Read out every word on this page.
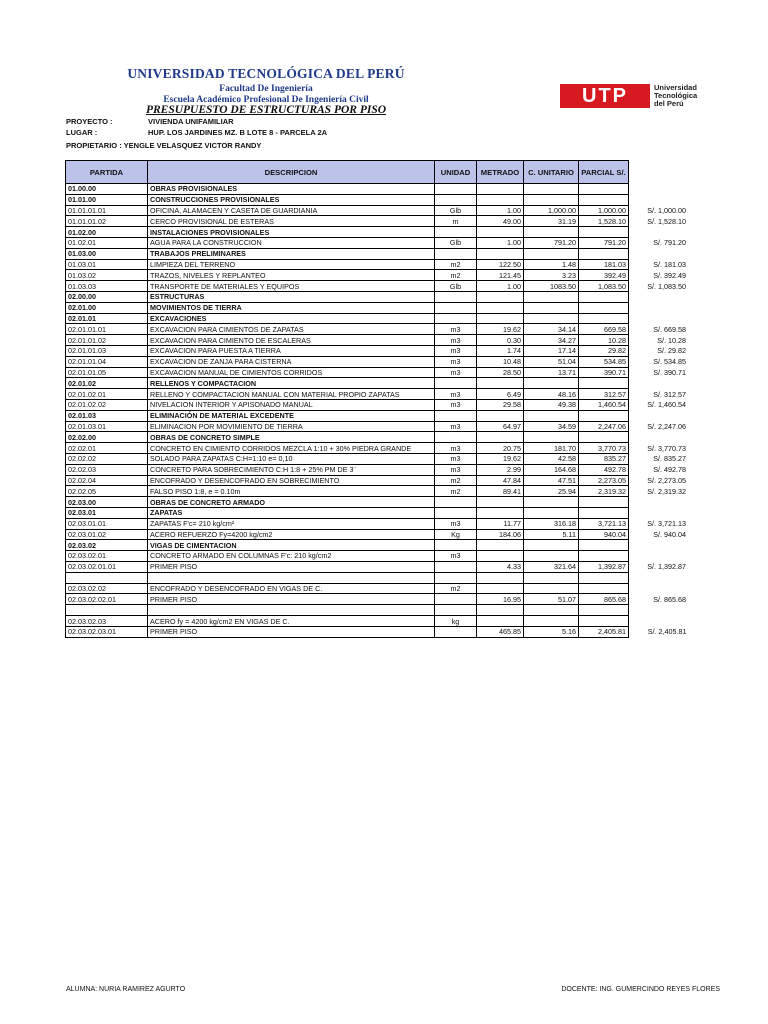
UNIVERSIDAD TECNOLÓGICA DEL PERÚ
Facultad De Ingeniería
Escuela Académico Profesional De Ingeniería Civil
PRESUPUESTO DE ESTRUCTURAS POR PISO
UTP	Universidad
Tecnológica
del Perú
PROYECTO :	VIVIENDA UNIFAMILIAR
LUGAR :	HUP. LOS JARDINES MZ. B LOTE 8 - PARCELA 2A
PROPIETARIO : YENGLE VELASQUEZ VICTOR RANDY
PARTIDA	DESCRIPCION	UNIDAD	METRADO	C. UNITARIO	PARCIAL S/.	
01.00.00	OBRAS PROVISIONALES					
01.01.00	CONSTRUCCIONES PROVISIONALES					
01.01.01.01	OFICINA, ALAMACEN Y CASETA DE GUARDIANIA	Glb	1.00	1,000.00	1,000.00	S/. 1,000.00
01.01.01.02	CERCO PROVISIONAL DE ESTERAS	m	49.00	31.19	1,528.10	S/. 1,528.10
01.02.00	INSTALACIONES PROVISIONALES					
01.02.01	AGUA PARA LA CONSTRUCCION	Glb	1.00	791.20	791.20	S/. 791.20
01.03.00	TRABAJOS PRELIMINARES					
01.03.01	LIMPIEZA DEL TERRENO	m2	122.50	1.48	181.03	S/. 181.03
01.03.02	TRAZOS, NIVELES Y REPLANTEO	m2	121.45	3.23	392.49	S/. 392.49
01.03.03	TRANSPORTE DE MATERIALES Y EQUIPOS	Glb	1.00	1083.50	1,083.50	S/. 1,083.50
02.00.00	ESTRUCTURAS					
02.01.00	MOVIMIENTOS DE TIERRA					
02.01.01	EXCAVACIONES					
02.01.01.01	EXCAVACION PARA CIMIENTOS DE ZAPATAS	m3	19.62	34.14	669.58	S/. 669.58
02.01.01.02	EXCAVACION PARA CIMIENTO DE ESCALERAS	m3	0.30	34.27	10.28	S/. 10.28
02.01.01.03	EXCAVACION PARA PUESTA A TIERRA	m3	1.74	17.14	29.82	S/. 29.82
02.01.01.04	EXCAVACION DE ZANJA PARA CISTERNA	m3	10.48	51.04	534.85	S/. 534.85
02.01.01.05	EXCAVACION MANUAL DE CIMIENTOS CORRIDOS	m3	28.50	13.71	390.71	S/. 390.71
02.01.02	RELLENOS Y COMPACTACION					
02.01.02.01	RELLENO Y COMPACTACION MANUAL CON MATERIAL PROPIO ZAPATAS	m3	6.49	48.16	312.57	S/. 312.57
02.01.02.02	NIVELACION INTERIOR Y APISONADO MANUAL	m3	29.58	49.38	1,460.54	S/. 1,460.54
02.01.03	ELIMINACIÓN DE MATERIAL EXCEDENTE					
02.01.03.01	ELIMINACION POR MOVIMIENTO DE TIERRA	m3	64.97	34.59	2,247.06	S/. 2,247.06
02.02.00	OBRAS DE CONCRETO SIMPLE					
02.02.01	CONCRETO EN CIMIENTO CORRIDOS MEZCLA 1:10 + 30% PIEDRA GRANDE	m3	20.75	181.70	3,770.73	S/. 3,770.73
02.02.02	SOLADO PARA ZAPATAS C:H=1:10 e= 0,10	m3	19.62	42.58	835.27	S/. 835.27
02.02.03	CONCRETO PARA SOBRECIMIENTO C:H 1:8 + 25% PM DE 3¨	m3	2.99	164.68	492.78	S/. 492.78
02.02.04	ENCOFRADO Y DESENCOFRADO EN SOBRECIMIENTO	m2	47.84	47.51	2,273.05	S/. 2,273.05
02.02.05	FALSO PISO 1:8, e = 0.10m	m2	89.41	25.94	2,319.32	S/. 2,319.32
02.03.00	OBRAS DE CONCRETO ARMADO					
02.03.01	ZAPATAS					
02.03.01.01	ZAPATAS F'c= 210 kg/cm²	m3	11.77	316.18	3,721.13	S/. 3,721.13
02.03.01.02	ACERO REFUERZO Fy=4200 kg/cm2	Kg	184.06	5.11	940.04	S/. 940.04
02.03.02	VIGAS DE CIMENTACION					
02.03.02.01	CONCRETO ARMADO EN COLUMNAS F'c: 210 kg/cm2	m3				
02.03.02.01.01	PRIMER PISO		4.33	321.64	1,392.87	S/. 1,392.87

02.03.02.02	ENCOFRADO Y DESENCOFRADO EN VIGAS DE C.	m2				
02.03.02.02.01	PRIMER PISO		16.95	51.07	865.68	S/. 865.68

02.03.02.03	ACERO fy = 4200 kg/cm2 EN VIGAS DE C.	kg				
02.03.02.03.01	PRIMER PISO		465.85	5.16	2,405.81	S/. 2,405.81
ALUMNA: NURIA RAMIREZ AGURTO	DOCENTE: ING. GUMERCINDO REYES FLORES
